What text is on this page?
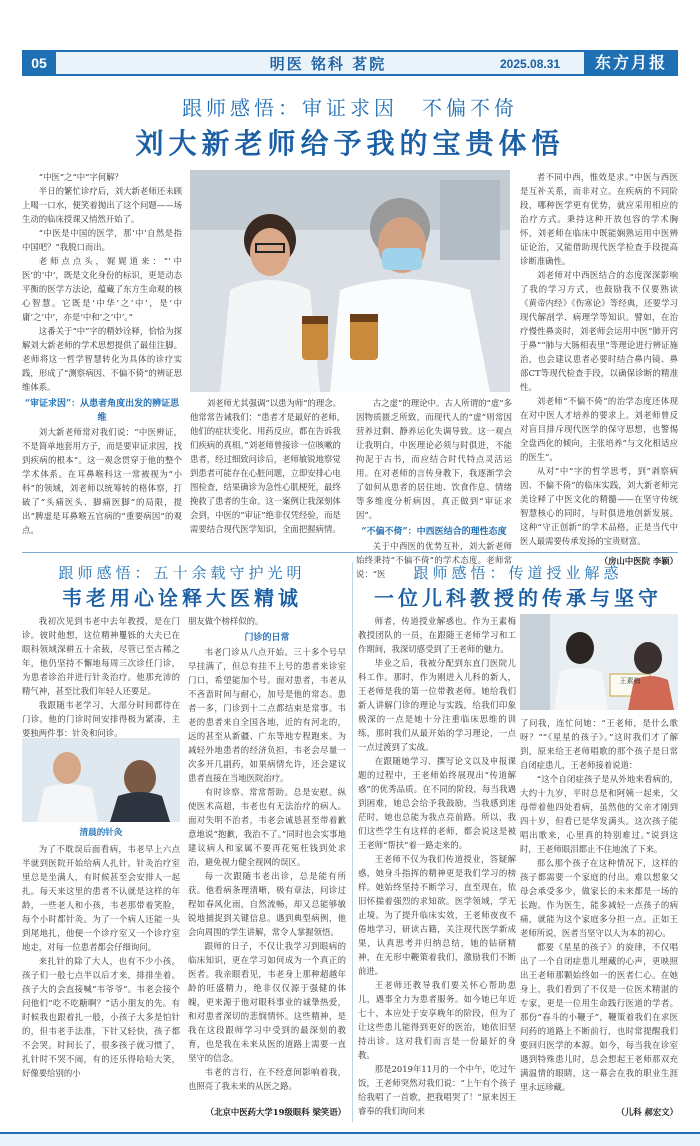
05	明医 铭科 茗院	2025.08.31	东方月报
跟师感悟：审证求因　不偏不倚
刘大新老师给予我的宝贵体悟

“中医”之“中”字何解？

半日的繁忙诊疗后，刘大新老师还未顾上喝一口水，便笑着抛出了这个问题——场生动的临床授课又悄然开始了。

“中医是中国的医学，那‘中’自然是指中国吧？”我脱口而出。

老师点点头，娓娓道来：“‘中医’的‘中’，既是文化身份的标识，更是动态平衡的医学方法论，蕴藏了东方生命观的核心智慧。它既是‘中华’之‘中’，是‘中庸’之‘中’，亦是‘中和’之‘中’。”

这番关于“中”字的精妙诠释，恰恰为探解刘大新老师的学术思想提供了最佳注脚。老师将这一哲学智慧转化为具体的诊疗实践，形成了“测察病因、不偏不倚”的辨证思维体系。

“审证求因”：从患者角度出发的辨证思维

刘大新老师常对我们说：“中医辨证，不是简单地套用方子，而是要审证求因，找到疾病的根本”。这一观念贯穿于他的整个学术体系。在耳鼻喉科这一常被视为“小科”的领域，刘老师以统筹转的格体察，打破了“头痛医头、脚痛医脚”的局限，提出“脾虚是耳鼻喉五官病的“重要病因”的观点。

刘老师尤其强调“以患为师”的理念。他常常告诫我们：“患者才是最好的老师，他们的症状变化、用药反应，都在告诉我们疾病的真相。”刘老师曾接诊一位咳嗽的患者，经过细致问诊后，老师敏锐地察觉到患者可能存在心脏问题，立即安排心电图检查，结果确诊为急性心肌梗死，最终挽救了患者的生命。这一案例让我深刻体会到，中医的“审证”绝非仅凭经验，而是需要结合现代医学知识，全面把握病情。

古之虚”的理论中。古人所谓的“虚”多因物质匮乏所致，而现代人的“虚”则常因营养过剩、静养运化失调导致。这一观点让我明白，中医理论必须与时俱进，不能拘泥于古书，而应结合时代特点灵活运用。在对老师的言传身教下，我逐渐学会了如何从患者的居住地、饮食作息、情绪等多维度分析病因，真正做到“审证求因”。

“不偏不倚”：中西医结合的理性态度

关于中西医的优势互补，刘大新老师始终秉持“不偏不倚”的学术态度。老师常说：“医

者不同中西，惟效是求。”中医与西医是互补关系，而非对立。在疾病的不同阶段，哪种医学更有优势，就应采用相应的治疗方式。秉持这种开放包容的学术胸怀，刘老师在临床中既能娴熟运用中医辨证论治，又能借助现代医学检查手段提高诊断准确性。

刘老师对中西医结合的态度深深影响了我的学习方式，也鼓励我不仅要熟读《黄帝内经》《伤寒论》等经典，还要学习现代解剖学、病理学等知识。譬如，在治疗慢性鼻炎时，刘老师会运用中医“肺开窍于鼻”“肺与大肠相表里”等理论进行辨证施治，也会建议患者必要时结合鼻内镜、鼻部CT等现代检查手段，以确保诊断的精准性。

刘老师“不偏不倚”的治学态度还体现在对中医人才培养的要求上。刘老师曾反对盲目排斥现代医学的保守思想，也警惕全盘西化的倾向，主张培养“与文化相适应的医生”。

从对“中”字的哲学思考，到“剥察病因、不偏不倚”的临床实践，刘大新老师完美诠释了中医文化的精髓——在坚守传统智慧核心的同时，与时俱进地创新发展。这种“守正创新”的学术品格，正是当代中医人最需要传承发扬的宝贵财富。

（房山中医院 李颖）

跟师感悟：五十余载守护光明
韦老用心诠释大医精诚

我初次见到韦老中去年教授，是在门诊。彼时他想，这位精神矍铄的大夫已在眼科领域深耕五十余载，尽管已至古稀之年，他仍坚持不懈地每周三次诊任门诊，为患者诊治并进行针灸治疗。他那充沛的精气神，甚至比我们年轻人还要足。

我跟随韦老学习，大部分时间都待在门诊。他的门诊时间安排得极为紧凑，主要独两件事：针灸和问诊。

清晨的针灸

为了不耽误后面看病，韦老早上六点半就到医院开始给病人扎针。针灸治疗室里总是坐满人，有时候甚至会安排人一起扎。每天来这里的患者不认就是这样的年龄，一些老人和小孩，韦老那带着笑脸，每个小时都针灸。为了一个病人还能一头到尾地扎，他便一个诊疗室又一个诊疗室地走，对每一位患者都会仔细询问。

来扎针的除了大人，也有不少小孩。孩子们一般七点半以后才来，排排坐着。孩子大的会直接喊“韦爷爷”。韦老会接个问他们“吃不吃糖啊？”话小朋友的先。有时候我也跟着扎一般，小孩子大多是怕针的，但韦老手法准，下针又轻快，孩子都不会哭。时间长了，很多孩子就习惯了，扎针时不哭不闹，有的还乐得哈哈大笑，好像要给别的小

朋友做个榜样似的。

门诊的日常

韦老门诊从八点开始。三十多个号早早挂满了，但总有挂不上号的患者来诊室门口，希望能加个号。面对患者，韦老从不吝啬时间与耐心，加号是他的常态。患者一多，门诊到十二点都结束是常事。韦老的患者来自全国各地，近的有河北的，远的甚至从新疆、广东等地专程跑来。为减轻外地患者的经济负担，韦老会尽量一次多开几副药，如果病情允许，还会建议患者直接在当地医院治疗。

有时诊察、常常帮助。总是安慰。纵使医术高超，韦老也有无法治疗的病人。面对失明不治者，韦老会诚恳甚至带着歉意地说“抱歉，我治不了。”同时也会实事地建议病人和家属不要再花冤枉钱到处求治，避免视力健全视网的误区。

每一次跟随韦老出诊，总是能有所获。他看病条理清晰，极有章法，问诊过程如春风化雨，自然流畅，却又总能够敏锐地捕捉到关键信息。遇到典型病例，他会向周围的学生讲解，常令人掌握领悟。

跟师的日子，不仅让我学习到眼病的临床知识，更在学习如何成为一个真正的医者。我亲眼看见，韦老身上那种超越年龄的旺盛精力，绝非仅仅源于强健的体魄，更来源于他对眼科事业的诚挚热爱，和对患者深切的悲悯情怀。这些精神，是我在这段跟师学习中受到的最深刻的教育，也是我在未来从医的道路上需要一直坚守的信念。

韦老的言行，在不经意间影响着我，也照亮了我未来的从医之路。

（北京中医药大学19级眼科 梁笑语）
跟师感悟：传道授业解惑
一位儿科教授的传承与坚守

师者，传道授业解惑也。作为王素梅教授团队的一员，在跟随王老师学习和工作期间，我深切感受到了王老师的魅力。

毕业之后，我被分配到东直门医院儿科工作。那时，作为刚进入儿科的新人，王老师是我的第一位带教老师。她给我们新人讲解门诊的理论与实践，给我们印象极深的一点是她十分注重临床思维的训练，那时我们从最开始的学习理论，一点一点过渡到了实战。

在跟随她学习、撰写论文以及申报课题的过程中，王老师始终展现出“传道解惑”的优秀品质。在不同的阶段，每当我遇到困难，她总会给予我鼓励，当我感到迷茫时，她也总能为我点亮前路。所以，我们这些学生有这样的老师，都会说这是被王老师“帮扶”着一路走来的。

王老师不仅为我们传道授业，答疑解惑，她身斗指挥的精神更是我们学习的榜样。她始终坚持不断学习，直至现在，依旧怀揣着强烈的求知欲。医学领域，学无止境。为了提升临床实效，王老师夜夜不倦地学习，研读古籍，关注现代医学新成果，认真思考并归纳总结，她的钻研精神，在无形中鞭策着我们，激励我们不断前进。

王老师还教导我们要关怀心帮助患儿，遇事全力为患者服务。如今她已年近七十，本应处于安享晚年的阶段，但为了让这些患儿能得到更好的医治，她依旧坚持出诊。这对我们而言是一份最好的身教。

那是2019年11月的一个中午，吃过午饭，王老师突然对我们说：“上午有个孩子给我唱了一首歌，把我唱哭了！”原来因王睿奉的我们询问来

王素梅

了问我，连忙问她：“王老师，是什么歌呀？”“《星星的孩子》。”这时我们才了解到，原来给王老师唱歌的那个孩子是日常自闭症患儿，王老师接着说道：

“这个自闭症孩子是从外地来看病的，大约十九岁，平时总是和阿姨一起来，父母带着他四处看病，虽然他的父亲才刚到四十岁，但看已是华发满头。这次孩子能唱出歌来，心里真的特别难过。”说到这时，王老师眼泪都止不住地流了下来。

那么那个孩子在这种情况下，这样的孩子都需要一个家庭的付出。难以想象父母会承受多少，做家长的未来都是一场的长跑。作为医生，能多减轻一点孩子的病痛，就能为这个家庭多分担一点。正如王老师所说，医者当坚守以人为本的初心。

都要《星星的孩子》的旋律，不仅唱出了一个自闭症患儿埋藏的心声，更映照出王老师那颗始终如一的医者仁心。在她身上，我们看到了不仅是一位医术精湛的专家，更是一位用生命践行医道的学者。那份“春斗的小鞭子”，鞭策着我们在求医问药的道路上不断前行，也时常提醒我们要回归医学的本源。如今，每当我在诊室遇到特殊患儿时，总会想起王老师那双充满温情的眼睛，这一幕会在我的职业生涯里永远珍藏。

（儿科 郝宏文）
